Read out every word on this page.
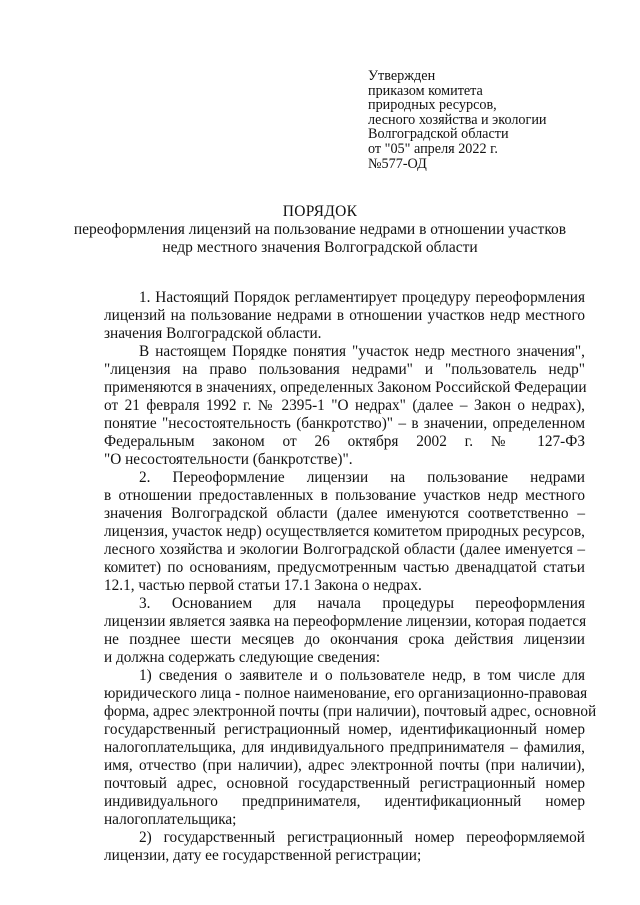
Утвержден
приказом комитета
природных ресурсов,
лесного хозяйства и экологии
Волгоградской области
от "05" апреля 2022 г.
№577-ОД
ПОРЯДОК
переоформления лицензий на пользование недрами в отношении участков
недр местного значения Волгоградской области
1. Настоящий Порядок регламентирует процедуру переоформления
лицензий на пользование недрами в отношении участков недр местного
значения Волгоградской области.
В настоящем Порядке понятия "участок недр местного значения",
"лицензия на право пользования недрами" и "пользователь недр"
применяются в значениях, определенных Законом Российской Федерации
от 21 февраля 1992 г. № 2395-1 "О недрах" (далее – Закон о недрах),
понятие "несостоятельность (банкротство)" – в значении, определенном
Федеральным законом от 26 октября 2002 г. № 127-ФЗ
"О несостоятельности (банкротстве)".
2. Переоформление лицензии на пользование недрами
в отношении предоставленных в пользование участков недр местного
значения Волгоградской области (далее именуются соответственно –
лицензия, участок недр) осуществляется комитетом природных ресурсов,
лесного хозяйства и экологии Волгоградской области (далее именуется –
комитет) по основаниям, предусмотренным частью двенадцатой статьи
12.1, частью первой статьи 17.1 Закона о недрах.
3. Основанием для начала процедуры переоформления
лицензии является заявка на переоформление лицензии, которая подается
не позднее шести месяцев до окончания срока действия лицензии
и должна содержать следующие сведения:
1) сведения о заявителе и о пользователе недр, в том числе для
юридического лица - полное наименование, его организационно-правовая
форма, адрес электронной почты (при наличии), почтовый адрес, основной
государственный регистрационный номер, идентификационный номер
налогоплательщика, для индивидуального предпринимателя – фамилия,
имя, отчество (при наличии), адрес электронной почты (при наличии),
почтовый адрес, основной государственный регистрационный номер
индивидуального предпринимателя, идентификационный номер
налогоплательщика;
2) государственный регистрационный номер переоформляемой
лицензии, дату ее государственной регистрации;
